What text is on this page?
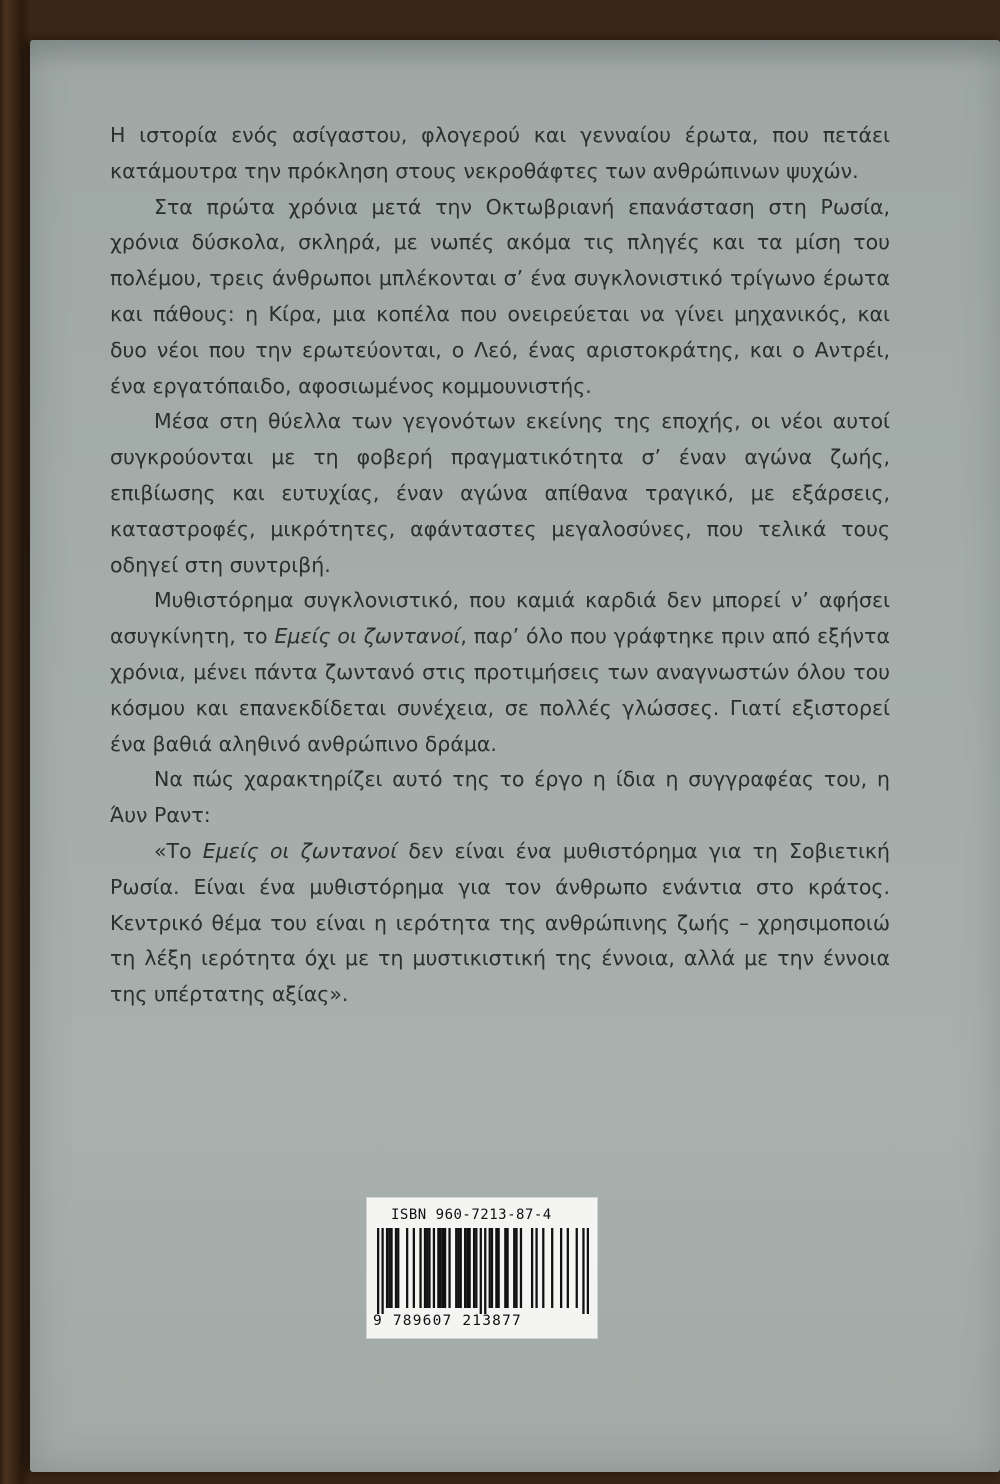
Η ιστορία ενός ασίγαστου, φλογερού και γενναίου έρωτα, που πετάει κατάμουτρα την πρόκληση στους νεκροθάφτες των ανθρώπινων ψυχών.

Στα πρώτα χρόνια μετά την Οκτωβριανή επανάσταση στη Ρωσία, χρόνια δύσκολα, σκληρά, με νωπές ακόμα τις πληγές και τα μίση του πολέμου, τρεις άνθρωποι μπλέκονται σ’ ένα συγκλονιστικό τρίγωνο έρωτα και πάθους: η Κίρα, μια κοπέλα που ονειρεύεται να γίνει μηχανικός, και δυο νέοι που την ερωτεύονται, ο Λεό, ένας αριστοκράτης, και ο Αντρέι, ένα εργατόπαιδο, αφοσιωμένος κομμουνιστής.

Μέσα στη θύελλα των γεγονότων εκείνης της εποχής, οι νέοι αυτοί συγκρούονται με τη φοβερή πραγματικότητα σ’ έναν αγώνα ζωής, επιβίωσης και ευτυχίας, έναν αγώνα απίθανα τραγικό, με εξάρσεις, καταστροφές, μικρότητες, αφάνταστες μεγαλοσύνες, που τελικά τους οδηγεί στη συντριβή.

Μυθιστόρημα συγκλονιστικό, που καμιά καρδιά δεν μπορεί ν’ αφήσει ασυγκίνητη, το Εμείς οι ζωντανοί, παρ’ όλο που γράφτηκε πριν από εξήντα χρόνια, μένει πάντα ζωντανό στις προτιμήσεις των αναγνωστών όλου του κόσμου και επανεκδίδεται συνέχεια, σε πολλές γλώσσες. Γιατί εξιστορεί ένα βαθιά αληθινό ανθρώπινο δράμα.

Να πώς χαρακτηρίζει αυτό της το έργο η ίδια η συγγραφέας του, η Άυν Ραντ:

«Το Εμείς οι ζωντανοί δεν είναι ένα μυθιστόρημα για τη Σοβιετική Ρωσία. Είναι ένα μυθιστόρημα για τον άνθρωπο ενάντια στο κράτος. Κεντρικό θέμα του είναι η ιερότητα της ανθρώπινης ζωής – χρησιμοποιώ τη λέξη ιερότητα όχι με τη μυστικιστική της έννοια, αλλά με την έννοια της υπέρτατης αξίας».

ISBN 960-7213-87-4
9 789607 213877
